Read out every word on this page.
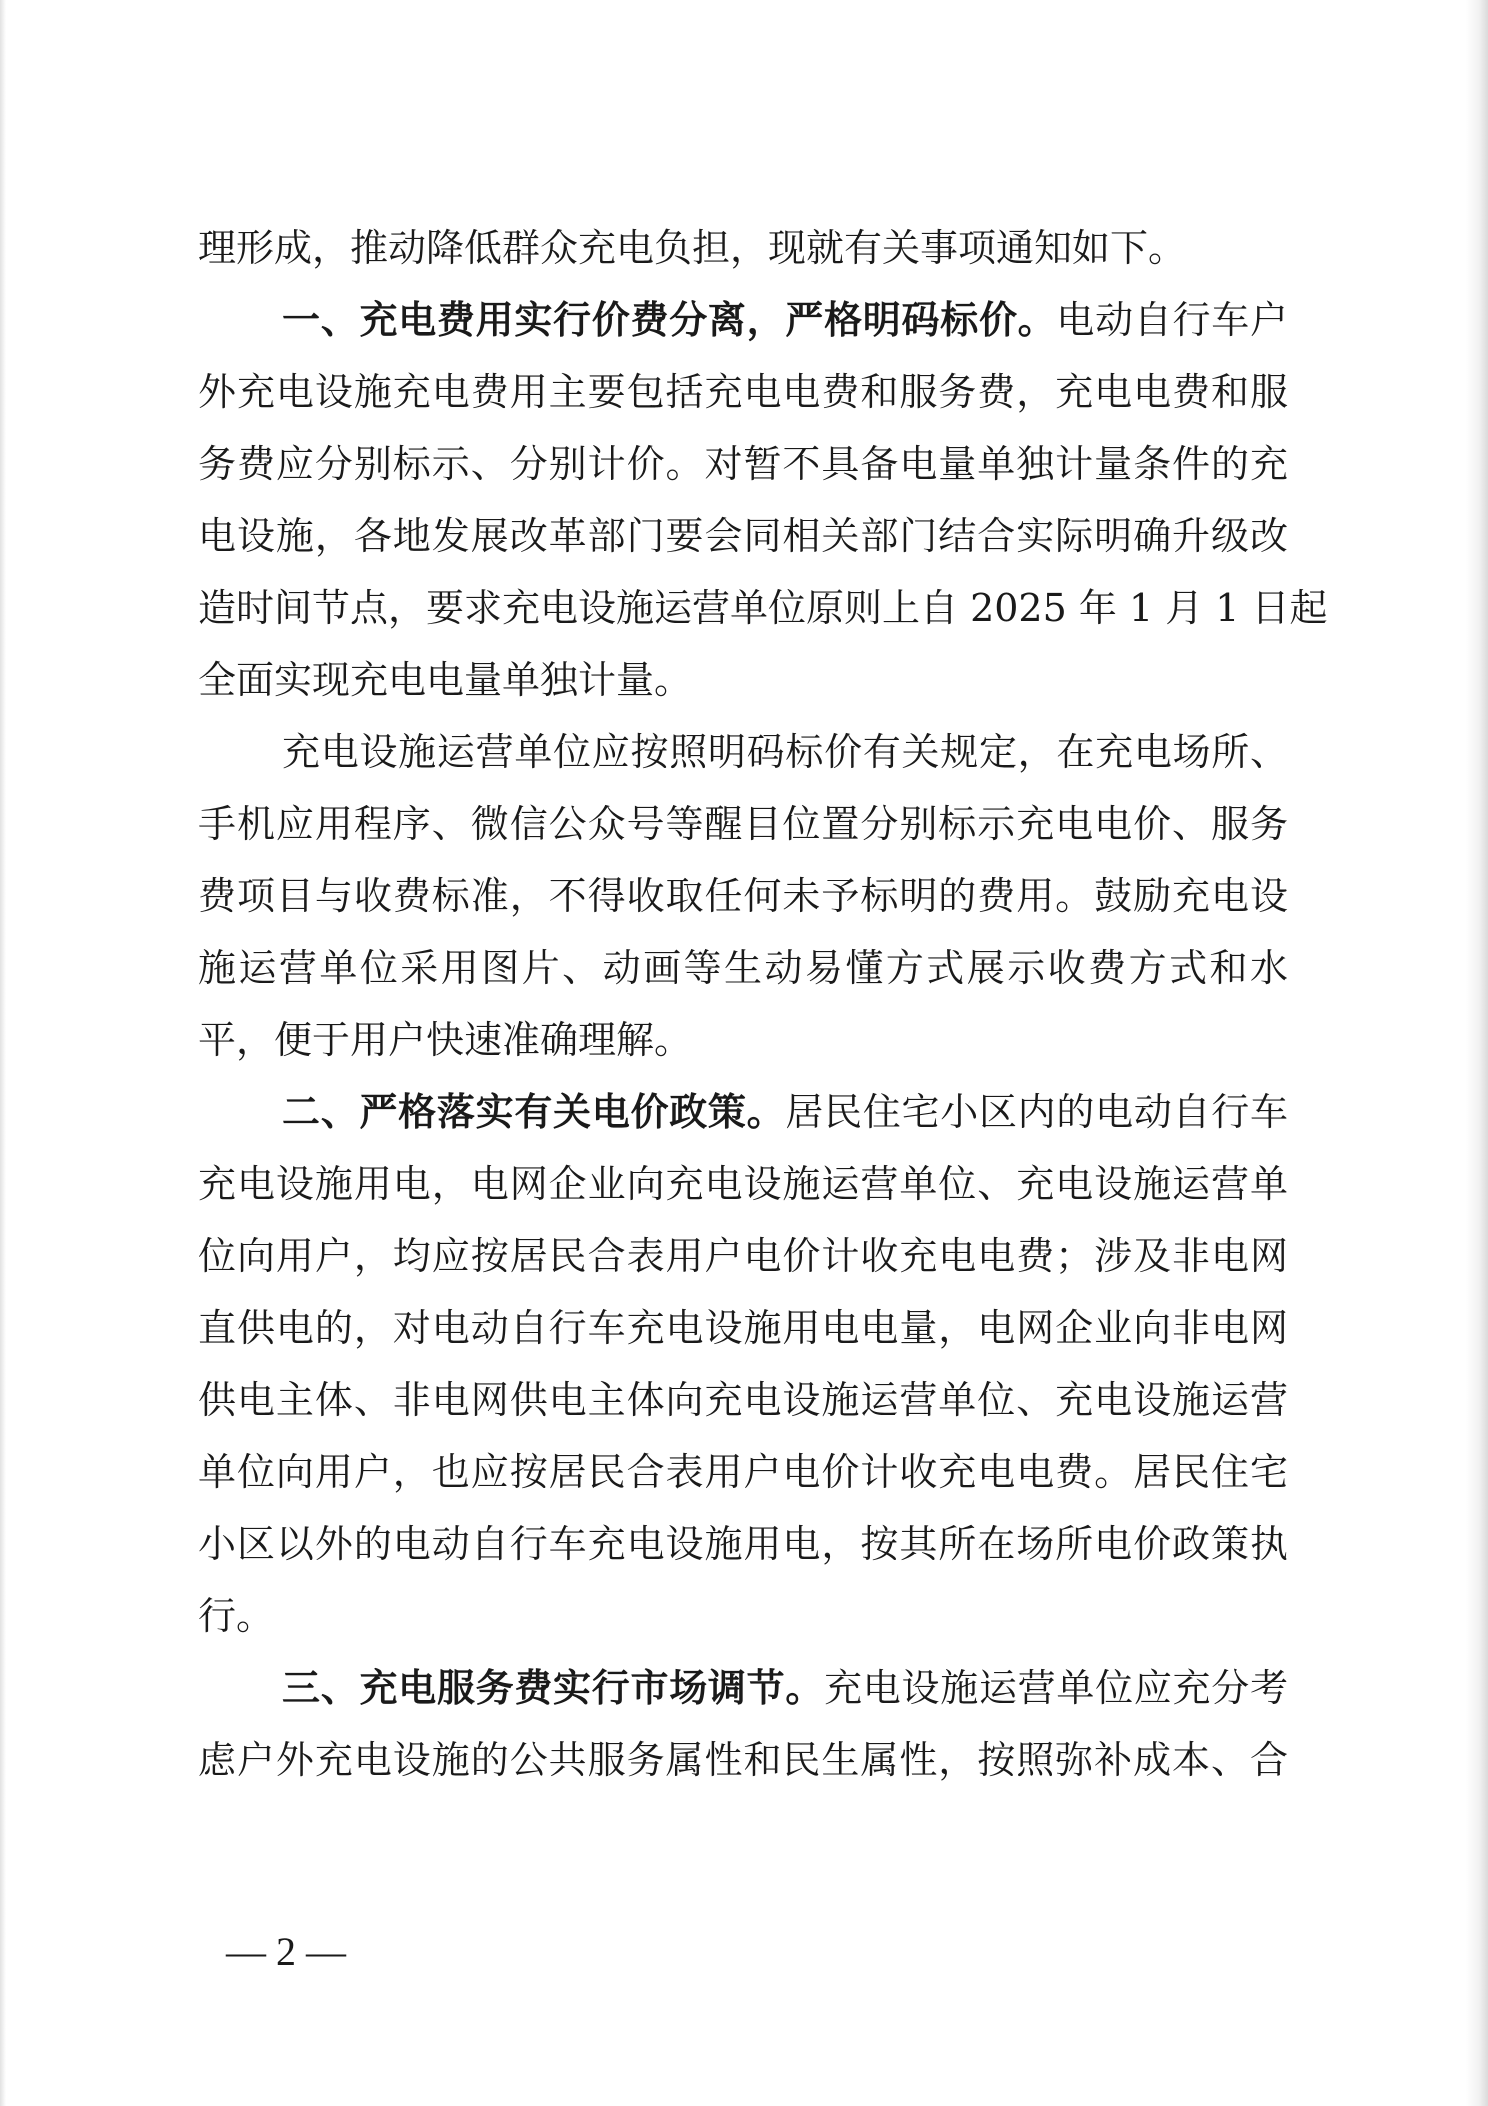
理形成，推动降低群众充电负担，现就有关事项通知如下。
一、充电费用实行价费分离，严格明码标价。电动自行车户
外充电设施充电费用主要包括充电电费和服务费，充电电费和服
务费应分别标示、分别计价。对暂不具备电量单独计量条件的充
电设施，各地发展改革部门要会同相关部门结合实际明确升级改
造时间节点，要求充电设施运营单位原则上自 2025 年 1 月 1 日起
全面实现充电电量单独计量。
充电设施运营单位应按照明码标价有关规定，在充电场所、
手机应用程序、微信公众号等醒目位置分别标示充电电价、服务
费项目与收费标准，不得收取任何未予标明的费用。鼓励充电设
施运营单位采用图片、动画等生动易懂方式展示收费方式和水
平，便于用户快速准确理解。
二、严格落实有关电价政策。居民住宅小区内的电动自行车
充电设施用电，电网企业向充电设施运营单位、充电设施运营单
位向用户，均应按居民合表用户电价计收充电电费；涉及非电网
直供电的，对电动自行车充电设施用电电量，电网企业向非电网
供电主体、非电网供电主体向充电设施运营单位、充电设施运营
单位向用户，也应按居民合表用户电价计收充电电费。居民住宅
小区以外的电动自行车充电设施用电，按其所在场所电价政策执
行。
三、充电服务费实行市场调节。充电设施运营单位应充分考
虑户外充电设施的公共服务属性和民生属性，按照弥补成本、合
— 2 —
